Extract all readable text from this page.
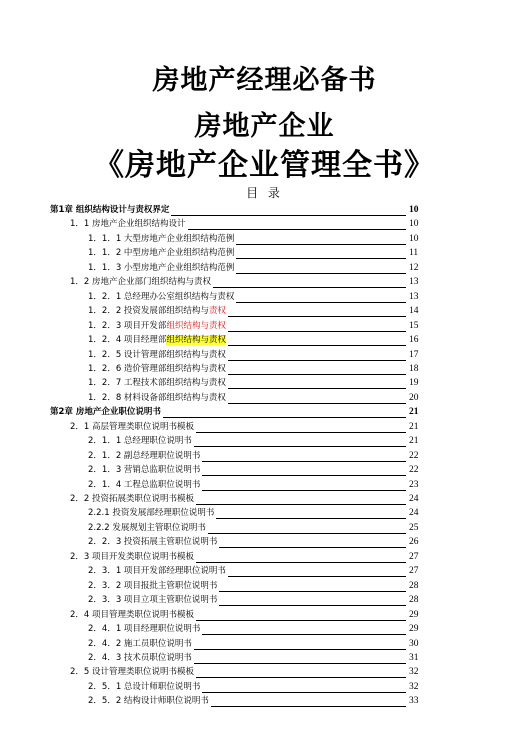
房地产经理必备书
房地产企业
《房地产企业管理全书》
目 录
第1章 组织结构设计与责权界定	10
1．1 房地产企业组织结构设计	10
1．1．1 大型房地产企业组织结构范例	10
1．1．2 中型房地产企业组织结构范例	11
1．1．3 小型房地产企业组织结构范例	12
1．2 房地产企业部门组织结构与责权	13
1．2．1 总经理办公室组织结构与责权	13
1．2．2 投资发展部组织结构与责权	14
1．2．3 项目开发部组织结构与责权	15
1．2．4 项目经理部组织结构与责权	16
1．2．5 设计管理部组织结构与责权	17
1．2．6 造价管理部组织结构与责权	18
1．2．7 工程技术部组织结构与责权	19
1．2．8 材料设备部组织结构与责权	20
第2章 房地产企业职位说明书	21
2．1 高层管理类职位说明书模板	21
2．1．1 总经理职位说明书	21
2．1．2 副总经理职位说明书	22
2．1．3 营销总监职位说明书	22
2．1．4 工程总监职位说明书	23
2．2 投资拓展类职位说明书模板	24
2.2.1 投资发展部经理职位说明书	24
2.2.2 发展规划主管职位说明书	25
2．2．3 投资拓展主管职位说明书	26
2．3 项目开发类职位说明书模板	27
2．3．1 项目开发部经理职位说明书	27
2．3．2 项目报批主管职位说明书	28
2．3．3 项目立项主管职位说明书	28
2．4 项目管理类职位说明书模板	29
2．4．1 项目经理职位说明书	29
2．4．2 施工员职位说明书	30
2．4．3 技术员职位说明书	31
2．5 设计管理类职位说明书模板	32
2．5．1 总设计师职位说明书	32
2．5．2 结构设计师职位说明书	33
